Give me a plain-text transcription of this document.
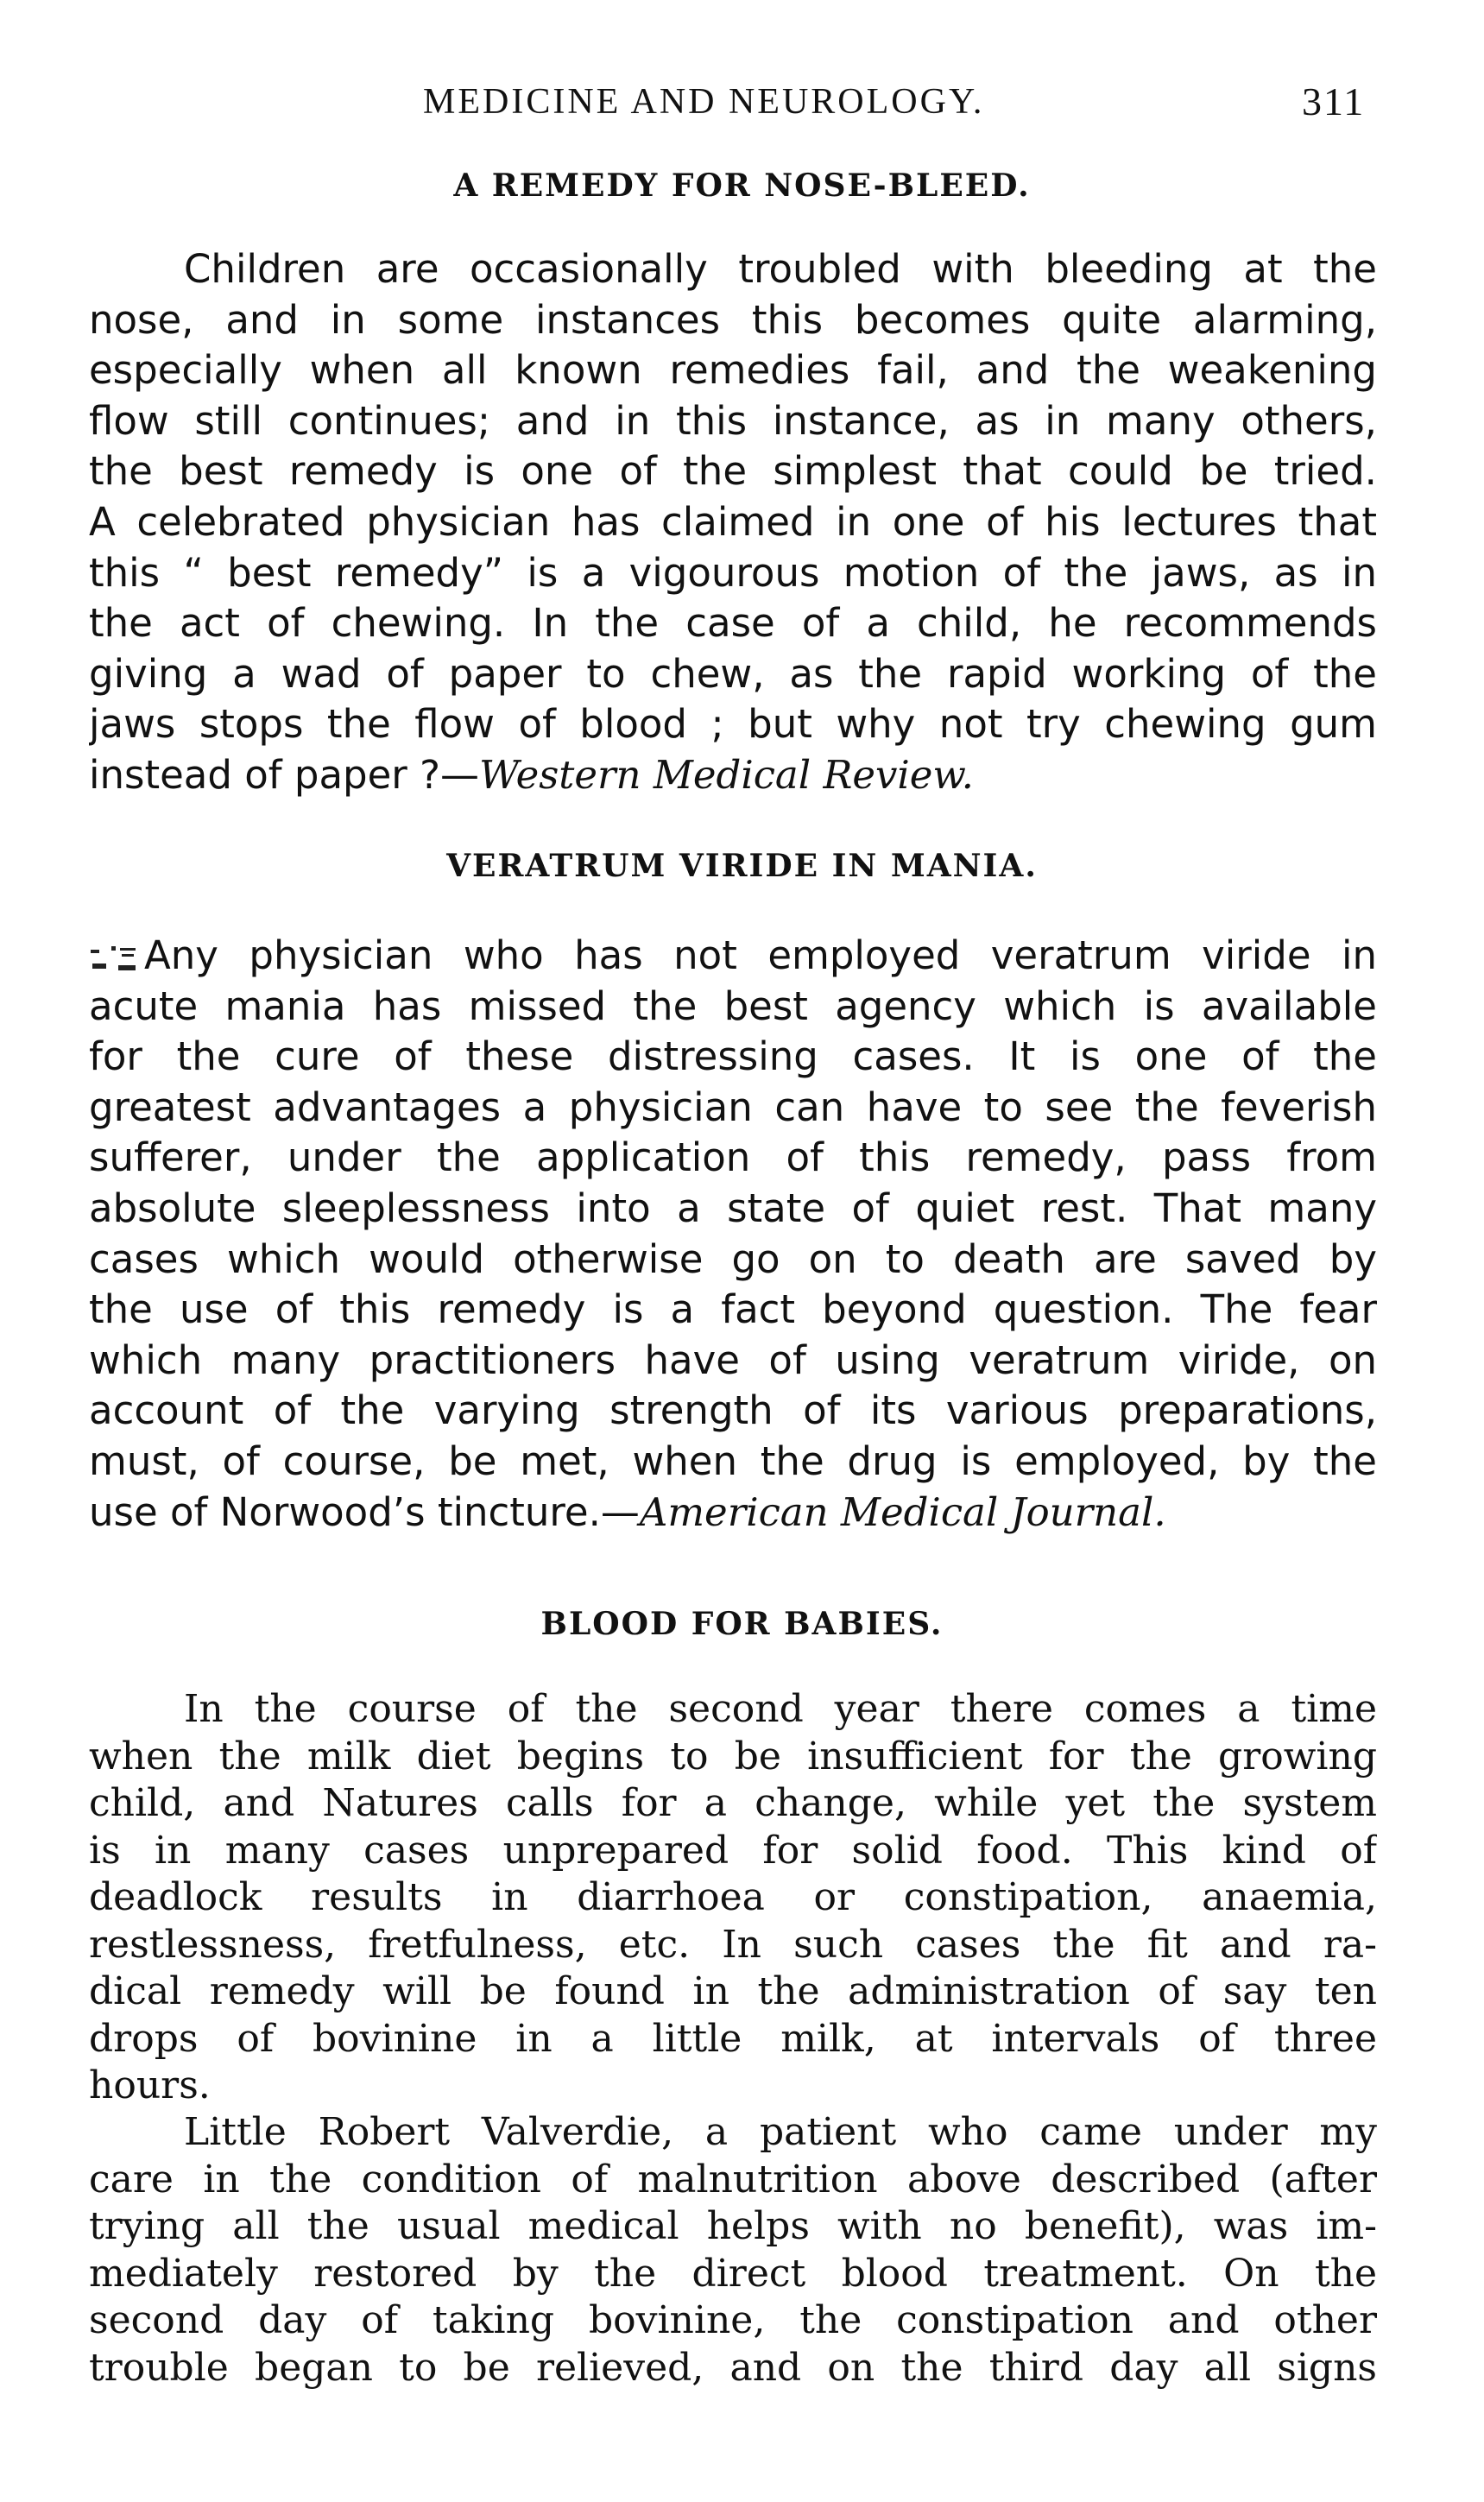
MEDICINE AND NEUROLOGY.	311
A REMEDY FOR NOSE-BLEED.
Children are occasionally troubled with bleeding at the
nose, and in some instances this becomes quite alarming,
especially when all known remedies fail, and the weakening
flow still continues; and in this instance, as in many others,
the best remedy is one of the simplest that could be tried.
A celebrated physician has claimed in one of his lectures that
this “ best remedy” is a vigourous motion of the jaws, as in
the act of chewing. In the case of a child, he recommends
giving a wad of paper to chew, as the rapid working of the
jaws stops the flow of blood ; but why not try chewing gum
instead of paper ?—Western Medical Review.
VERATRUM VIRIDE IN MANIA.
Any physician who has not employed veratrum viride in
acute mania has missed the best agency which is available
for the cure of these distressing cases. It is one of the
greatest advantages a physician can have to see the feverish
sufferer, under the application of this remedy, pass from
absolute sleeplessness into a state of quiet rest. That many
cases which would otherwise go on to death are saved by
the use of this remedy is a fact beyond question. The fear
which many practitioners have of using veratrum viride, on
account of the varying strength of its various preparations,
must, of course, be met, when the drug is employed, by the
use of Norwood’s tincture.—American Medical Journal.
BLOOD FOR BABIES.
In the course of the second year there comes a time
when the milk diet begins to be insufficient for the growing
child, and Natures calls for a change, while yet the system
is in many cases unprepared for solid food. This kind of
deadlock results in diarrhoea or constipation, anaemia,
restlessness, fretfulness, etc. In such cases the fit and ra-
dical remedy will be found in the administration of say ten
drops of bovinine in a little milk, at intervals of three
hours.
Little Robert Valverdie, a patient who came under my
care in the condition of malnutrition above described (after
trying all the usual medical helps with no benefit), was im-
mediately restored by the direct blood treatment. On the
second day of taking bovinine, the constipation and other
trouble began to be relieved, and on the third day all signs
